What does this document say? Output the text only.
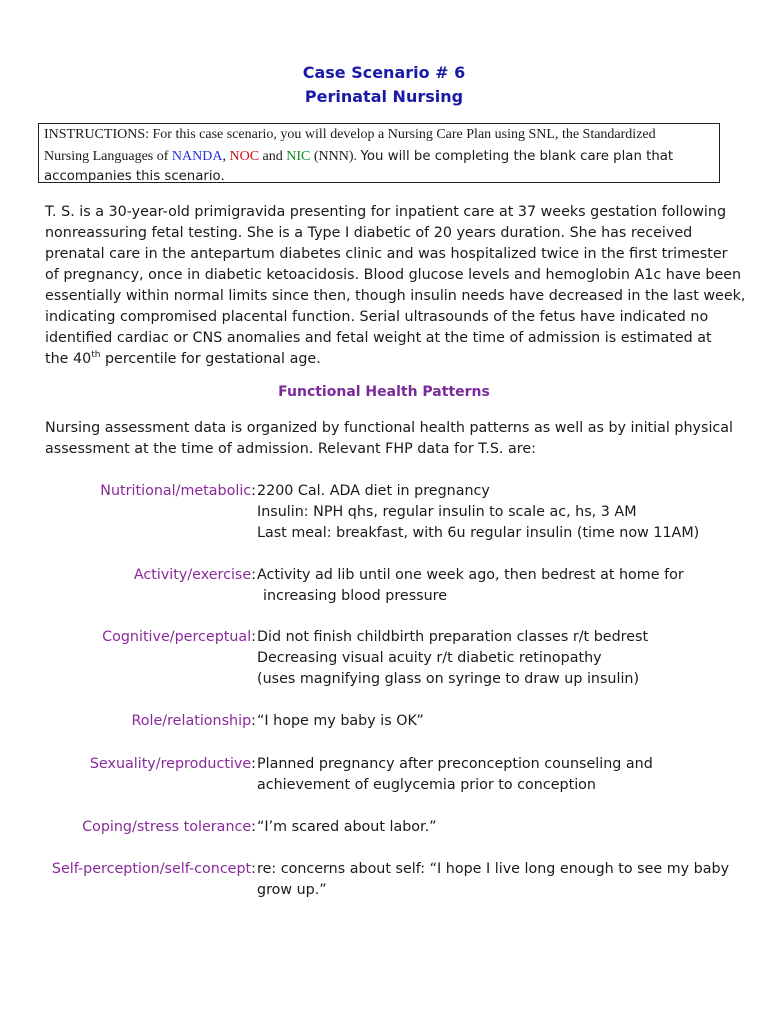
Case Scenario # 6
Perinatal Nursing
INSTRUCTIONS: For this case scenario, you will develop a Nursing Care Plan using SNL, the Standardized
Nursing Languages of NANDA, NOC and NIC (NNN). You will be completing the blank care plan that
accompanies this scenario.

T. S. is a 30-year-old primigravida presenting for inpatient care at 37 weeks gestation following

nonreassuring fetal testing. She is a Type I diabetic of 20 years duration. She has received

prenatal care in the antepartum diabetes clinic and was hospitalized twice in the first trimester

of pregnancy, once in diabetic ketoacidosis. Blood glucose levels and hemoglobin A1c have been

essentially within normal limits since then, though insulin needs have decreased in the last week,

indicating compromised placental function. Serial ultrasounds of the fetus have indicated no

identified cardiac or CNS anomalies and fetal weight at the time of admission is estimated at

the 40th percentile for gestational age.

Functional Health Patterns

Nursing assessment data is organized by functional health patterns as well as by initial physical

assessment at the time of admission. Relevant FHP data for T.S. are:

Nutritional/metabolic: 2200 Cal. ADA diet in pregnancy

Insulin: NPH qhs, regular insulin to scale ac, hs, 3 AM

Last meal: breakfast, with 6u regular insulin (time now 11AM)

Activity/exercise: Activity ad lib until one week ago, then bedrest at home for

increasing blood pressure

Cognitive/perceptual: Did not finish childbirth preparation classes r/t bedrest

Decreasing visual acuity r/t diabetic retinopathy

(uses magnifying glass on syringe to draw up insulin)

Role/relationship: “I hope my baby is OK”

Sexuality/reproductive: Planned pregnancy after preconception counseling and

achievement of euglycemia prior to conception

Coping/stress tolerance: “I’m scared about labor.”

Self-perception/self-concept: re: concerns about self: “I hope I live long enough to see my baby

grow up.”
